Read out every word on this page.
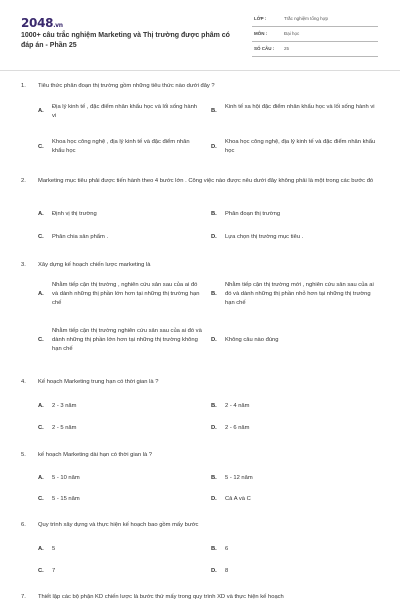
2048.vn
1000+ câu trắc nghiệm Marketing và Thị trường được phâm có đáp án - Phần 25
LỚP :	Trắc nghiệm tổng hợp
MÔN :	Đại học
SỐ CÂU : 25
1. Tiêu thức phân đoạn thị trường gồm những tiêu thức nào dưới đây ?
A.
Địa lý kinh tế , đặc điểm nhân khẩu học và lối sống hành vi
B.
Kinh tế xa hội đặc điểm nhân khẩu học và lối sống hành vi
C.
Khoa học công nghệ , địa lý kinh tế và đặc điểm nhân khẩu học
D.
Khoa học công nghệ, địa lý kinh tế và đặc điểm nhân khẩu học
2. Marketing mục tiêu phải được tiến hành theo 4 bước lớn . Công việc nào được nêu dưới đây không phải là một trong các bước đó
A. Định vị thị trường	B. Phân đoạn thị trường
C. Phân chia sản phẩm .	D. Lựa chọn thị trường mục tiêu .
3. Xây dựng kế hoạch chiến lược marketing là
A.
Nhằm tiếp cận thị trường , nghiên cứu sản sau của ai đó và dành những thị phần lớn hơn tại những thị trường hạn chế
B.
Nhằm tiếp cận thị trường mới , nghiên cứu sản sau của ai đó và dành những thị phần nhỏ hơn tại những thị trường hạn chế
C.
Nhằm tiếp cận thị trường nghiên cứu sản sau của ai đó và dành những thị phần lớn hơn tại những thị trường không hạn chế
D. Không câu nào đúng
4. Kế hoạch Marketing trung hạn có thời gian là ?
A. 2 - 3 năm	B. 2 - 4 năm
C. 2 - 5 năm	D. 2 - 6 năm
5. kế hoạch Marketing dài hạn có thời gian là ?
A. 5 - 10 năm	B. 5 - 12 năm
C. 5 - 15 năm	D. Cả A và C
6. Quy trình xây dựng và thực hiện kế hoạch bao gồm mấy bước
A. 5	B. 6
C. 7	D. 8
7. Thiết lập các bộ phận KD chiến lược là bước thứ mấy trong quy trình XD và thực hiện kế hoạch
